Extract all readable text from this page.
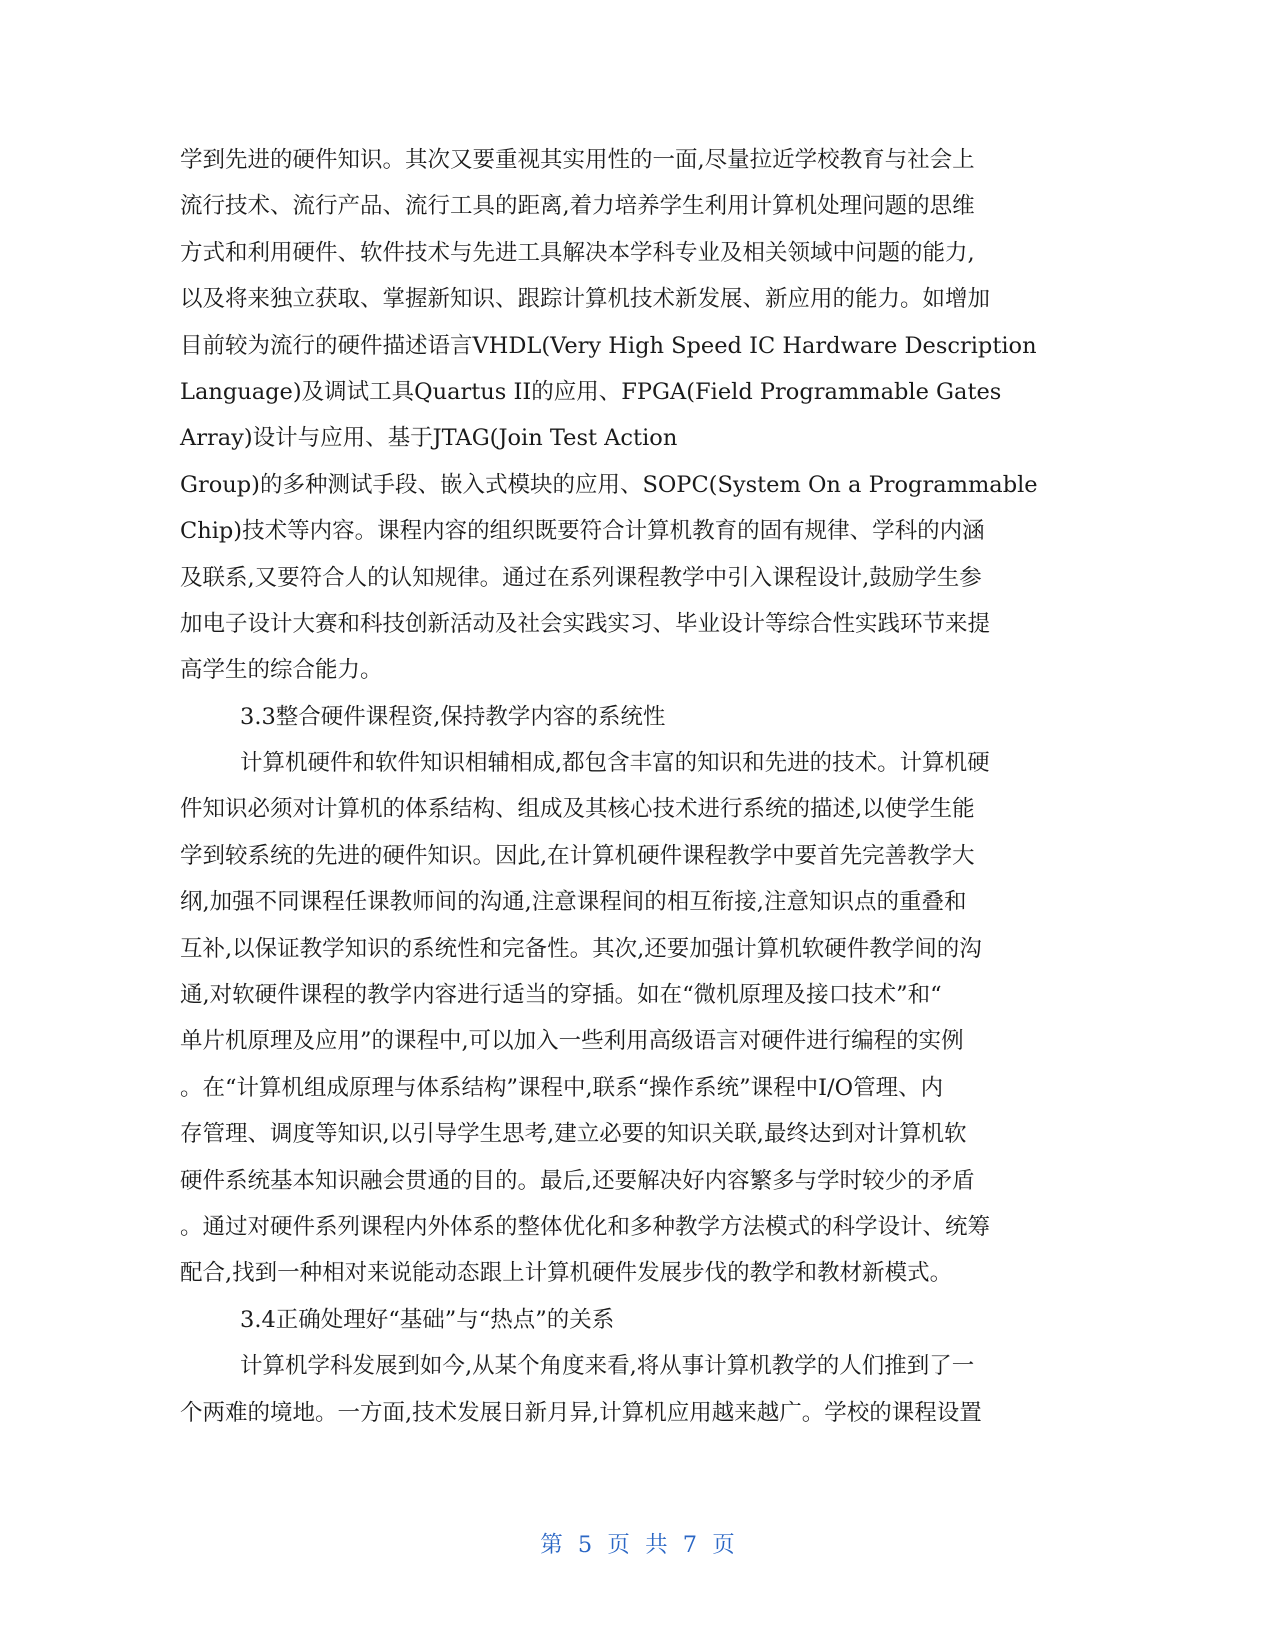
学到先进的硬件知识。其次又要重视其实用性的一面,尽量拉近学校教育与社会上
流行技术、流行产品、流行工具的距离,着力培养学生利用计算机处理问题的思维
方式和利用硬件、软件技术与先进工具解决本学科专业及相关领域中问题的能力,
以及将来独立获取、掌握新知识、跟踪计算机技术新发展、新应用的能力。如增加
目前较为流行的硬件描述语言VHDL(Very High Speed IC Hardware Description
Language)及调试工具Quartus II的应用、FPGA(Field Programmable Gates
Array)设计与应用、基于JTAG(Join Test Action
Group)的多种测试手段、嵌入式模块的应用、SOPC(System On a Programmable
Chip)技术等内容。课程内容的组织既要符合计算机教育的固有规律、学科的内涵
及联系,又要符合人的认知规律。通过在系列课程教学中引入课程设计,鼓励学生参
加电子设计大赛和科技创新活动及社会实践实习、毕业设计等综合性实践环节来提
高学生的综合能力。
3.3整合硬件课程资,保持教学内容的系统性
计算机硬件和软件知识相辅相成,都包含丰富的知识和先进的技术。计算机硬
件知识必须对计算机的体系结构、组成及其核心技术进行系统的描述,以使学生能
学到较系统的先进的硬件知识。因此,在计算机硬件课程教学中要首先完善教学大
纲,加强不同课程任课教师间的沟通,注意课程间的相互衔接,注意知识点的重叠和
互补,以保证教学知识的系统性和完备性。其次,还要加强计算机软硬件教学间的沟
通,对软硬件课程的教学内容进行适当的穿插。如在“微机原理及接口技术”和“
单片机原理及应用”的课程中,可以加入一些利用高级语言对硬件进行编程的实例
。在“计算机组成原理与体系结构”课程中,联系“操作系统”课程中I/O管理、内
存管理、调度等知识,以引导学生思考,建立必要的知识关联,最终达到对计算机软
硬件系统基本知识融会贯通的目的。最后,还要解决好内容繁多与学时较少的矛盾
。通过对硬件系列课程内外体系的整体优化和多种教学方法模式的科学设计、统筹
配合,找到一种相对来说能动态跟上计算机硬件发展步伐的教学和教材新模式。
3.4正确处理好“基础”与“热点”的关系
计算机学科发展到如今,从某个角度来看,将从事计算机教学的人们推到了一
个两难的境地。一方面,技术发展日新月异,计算机应用越来越广。学校的课程设置
第 5 页 共 7 页
